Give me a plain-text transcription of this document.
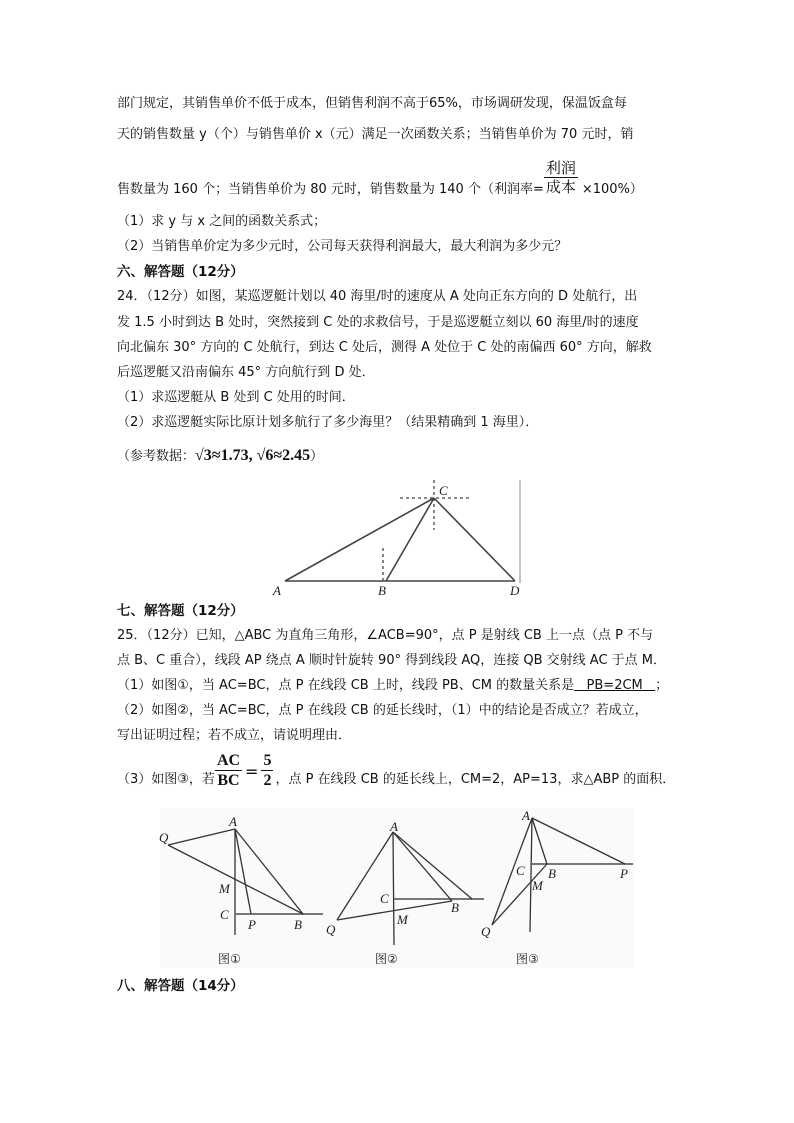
部门规定，其销售单价不低于成本，但销售利润不高于65%，市场调研发现，保温饭盒每
天的销售数量 y（个）与销售单价 x（元）满足一次函数关系；当销售单价为 70 元时，销
售数量为 160 个；当销售单价为 80 元时，销售数量为 140 个（利润率= $\frac{\text{利润}}{\text{成本}} \times 100\%$）
（1）求 y 与 x 之间的函数关系式；
（2）当销售单价定为多少元时，公司每天获得利润最大，最大利润为多少元？
六、解答题（12分）
24．（12分）如图，某巡逻艇计划以 40 海里/时的速度从 A 处向正东方向的 D 处航行，出
发 1.5 小时到达 B 处时，突然接到 C 处的求救信号，于是巡逻艇立刻以 60 海里/时的速度
向北偏东 30° 方向的 C 处航行，到达 C 处后，测得 A 处位于 C 处的南偏西 60° 方向，解救
后巡逻艇又沿南偏东 45° 方向航行到 D 处．
（1）求巡逻艇从 B 处到 C 处用的时间．
（2）求巡逻艇实际比原计划多航行了多少海里？（结果精确到 1 海里）．
（参考数据：√3≈1.73, √6≈2.45）
七、解答题（12分）
25．（12分）已知，△ABC 为直角三角形，∠ACB=90°，点 P 是射线 CB 上一点（点 P 不与
点 B、C 重合），线段 AP 绕点 A 顺时针旋转 90° 得到线段 AQ，连接 QB 交射线 AC 于点 M．
（1）如图①，当 AC=BC，点 P 在线段 CB 上时，线段 PB、CM 的数量关系是   PB=2CM   ；
（2）如图②，当 AC=BC，点 P 在线段 CB 的延长线时，（1）中的结论是否成立？若成立，
写出证明过程；若不成立，请说明理由．
（3）如图③，若 $\frac{AC}{BC} = \frac{5}{2}$ ，点 P 在线段 CB 的延长线上，CM=2，AP=13，求△ABP 的面积．
八、解答题（14分）
C
A	B	D
A
Q
M
C
P	B
图①
A
Q
M
C
B
图②
A
Q
M
C B	P
图③
